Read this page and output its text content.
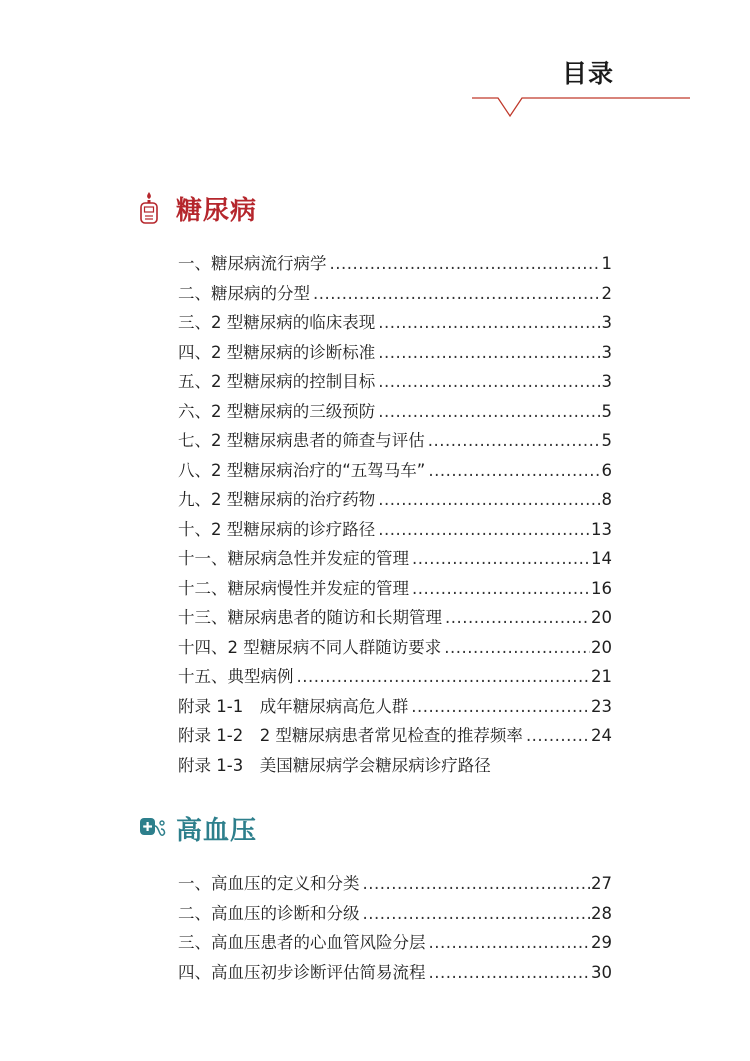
目录
糖尿病
一、糖尿病流行病学 .....	1
二、糖尿病的分型 .....	2
三、2 型糖尿病的临床表现 .....	3
四、2 型糖尿病的诊断标准 .....	3
五、2 型糖尿病的控制目标 .....	3
六、2 型糖尿病的三级预防 .....	5
七、2 型糖尿病患者的筛查与评估 .....	5
八、2 型糖尿病治疗的“五驾马车” .....	6
九、2 型糖尿病的治疗药物 .....	8
十、2 型糖尿病的诊疗路径 .....	13
十一、糖尿病急性并发症的管理 .....	14
十二、糖尿病慢性并发症的管理 .....	16
十三、糖尿病患者的随访和长期管理 .....	20
十四、2 型糖尿病不同人群随访要求 .....	20
十五、典型病例 .....	21
附录 1-1　成年糖尿病高危人群 .....	23
附录 1-2　2 型糖尿病患者常见检查的推荐频率 .....	24
附录 1-3　美国糖尿病学会糖尿病诊疗路径
高血压
一、高血压的定义和分类 .....	27
二、高血压的诊断和分级 .....	28
三、高血压患者的心血管风险分层 .....	29
四、高血压初步诊断评估简易流程 .....	30
